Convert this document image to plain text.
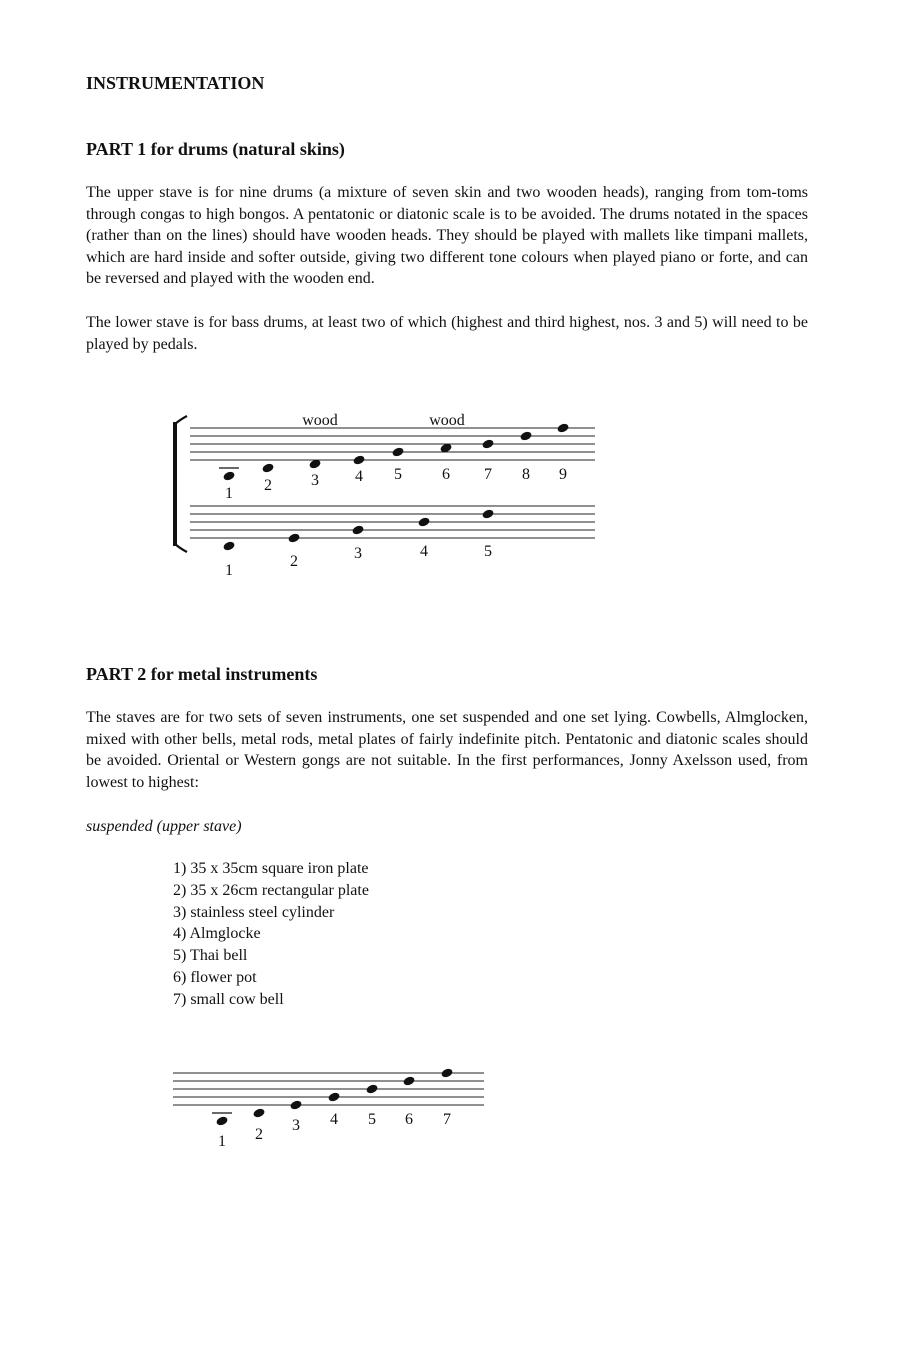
INSTRUMENTATION
PART 1 for drums (natural skins)

The upper stave is for nine drums (a mixture of seven skin and two wooden heads), ranging from tom-toms through congas to high bongos. A pentatonic or diatonic scale is to be avoided. The drums notated in the spaces (rather than on the lines) should have wooden heads. They should be played with mallets like timpani mallets, which are hard inside and softer outside, giving two different tone colours when played piano or forte, and can be reversed and played with the wooden end.

The lower stave is for bass drums, at least two of which (highest and third highest, nos. 3 and 5) will need to be played by pedals.

wood	wood
1 2 3 4 5	6 7 8 9
1
2	3	4	5
PART 2 for metal instruments

The staves are for two sets of seven instruments, one set suspended and one set lying. Cowbells, Almglocken, mixed with other bells, metal rods, metal plates of fairly indefinite pitch. Pentatonic and diatonic scales should be avoided. Oriental or Western gongs are not suitable. In the first performances, Jonny Axelsson used, from lowest to highest:

suspended (upper stave)

1) 35 x 35cm square iron plate
2) 35 x 26cm rectangular plate
3) stainless steel cylinder
4) Almglocke
5) Thai bell
6) flower pot
7) small cow bell
1 2
3 4 5 6 7
